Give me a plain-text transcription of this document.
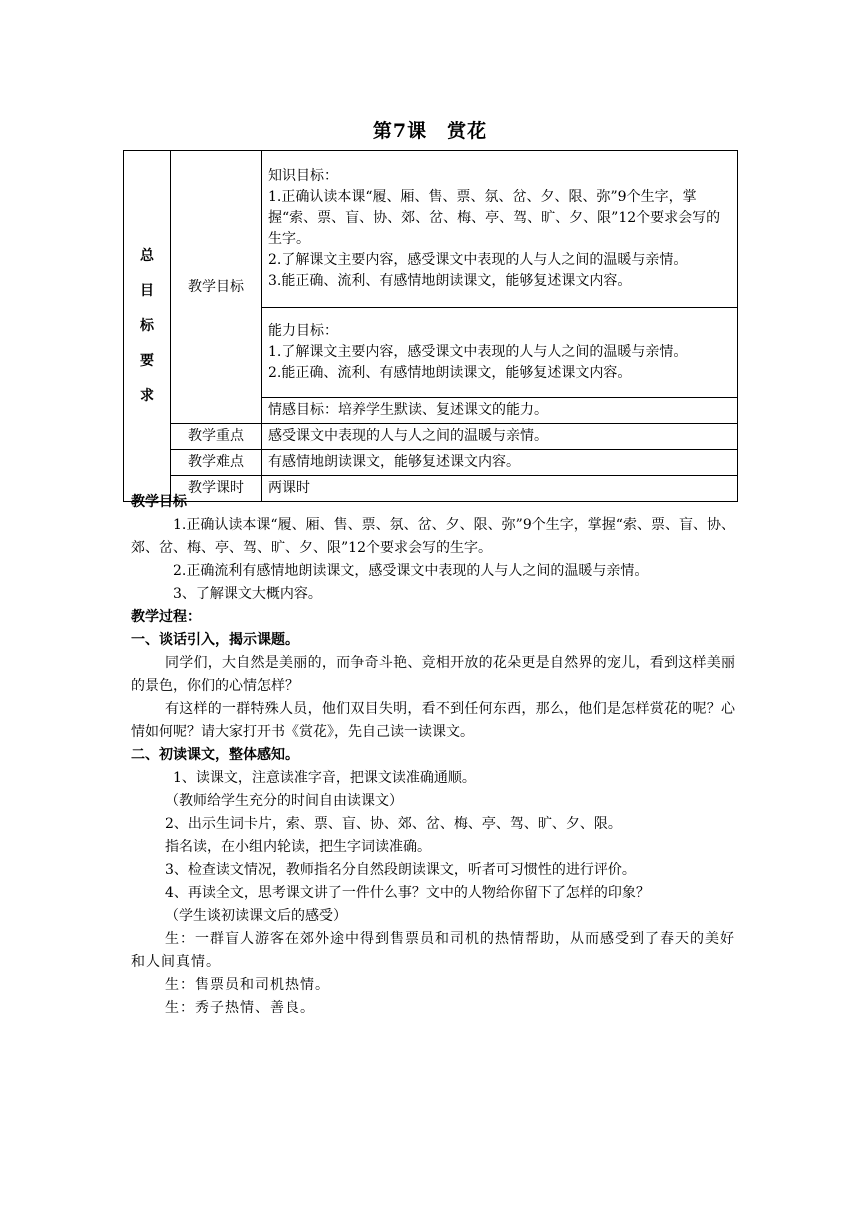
第7课　赏花
总
目
标
要
求	教学目标	知识目标：
1.正确认读本课“履、厢、售、票、氛、岔、夕、限、弥”9个生字，掌握“索、票、盲、协、郊、岔、梅、亭、驾、旷、夕、限”12个要求会写的生字。
2.了解课文主要内容，感受课文中表现的人与人之间的温暖与亲情。
3.能正确、流利、有感情地朗读课文，能够复述课文内容。

		能力目标：
1.了解课文主要内容，感受课文中表现的人与人之间的温暖与亲情。
2.能正确、流利、有感情地朗读课文，能够复述课文内容。

		情感目标：培养学生默读、复述课文的能力。
	教学重点	感受课文中表现的人与人之间的温暖与亲情。
	教学难点	有感情地朗读课文，能够复述课文内容。
	教学课时	两课时

教学目标

1.正确认读本课“履、厢、售、票、氛、岔、夕、限、弥”9个生字，掌握“索、票、盲、协、郊、岔、梅、亭、驾、旷、夕、限”12个要求会写的生字。

2.正确流利有感情地朗读课文，感受课文中表现的人与人之间的温暖与亲情。

3、了解课文大概内容。

教学过程：

一、谈话引入，揭示课题。

同学们，大自然是美丽的，而争奇斗艳、竞相开放的花朵更是自然界的宠儿，看到这样美丽的景色，你们的心情怎样？

有这样的一群特殊人员，他们双目失明，看不到任何东西，那么，他们是怎样赏花的呢？心情如何呢？请大家打开书《赏花》，先自己读一读课文。

二、初读课文，整体感知。

1、读课文，注意读准字音，把课文读准确通顺。

（教师给学生充分的时间自由读课文）

2、出示生词卡片，索、票、盲、协、郊、岔、梅、亭、驾、旷、夕、限。

指名读，在小组内轮读，把生字词读准确。

3、检查读文情况，教师指名分自然段朗读课文，听者可习惯性的进行评价。

4、再读全文，思考课文讲了一件什么事？文中的人物给你留下了怎样的印象？

（学生谈初读课文后的感受）

生：一群盲人游客在郊外途中得到售票员和司机的热情帮助，从而感受到了春天的美好和人间真情。

生：售票员和司机热情。

生：秀子热情、善良。
